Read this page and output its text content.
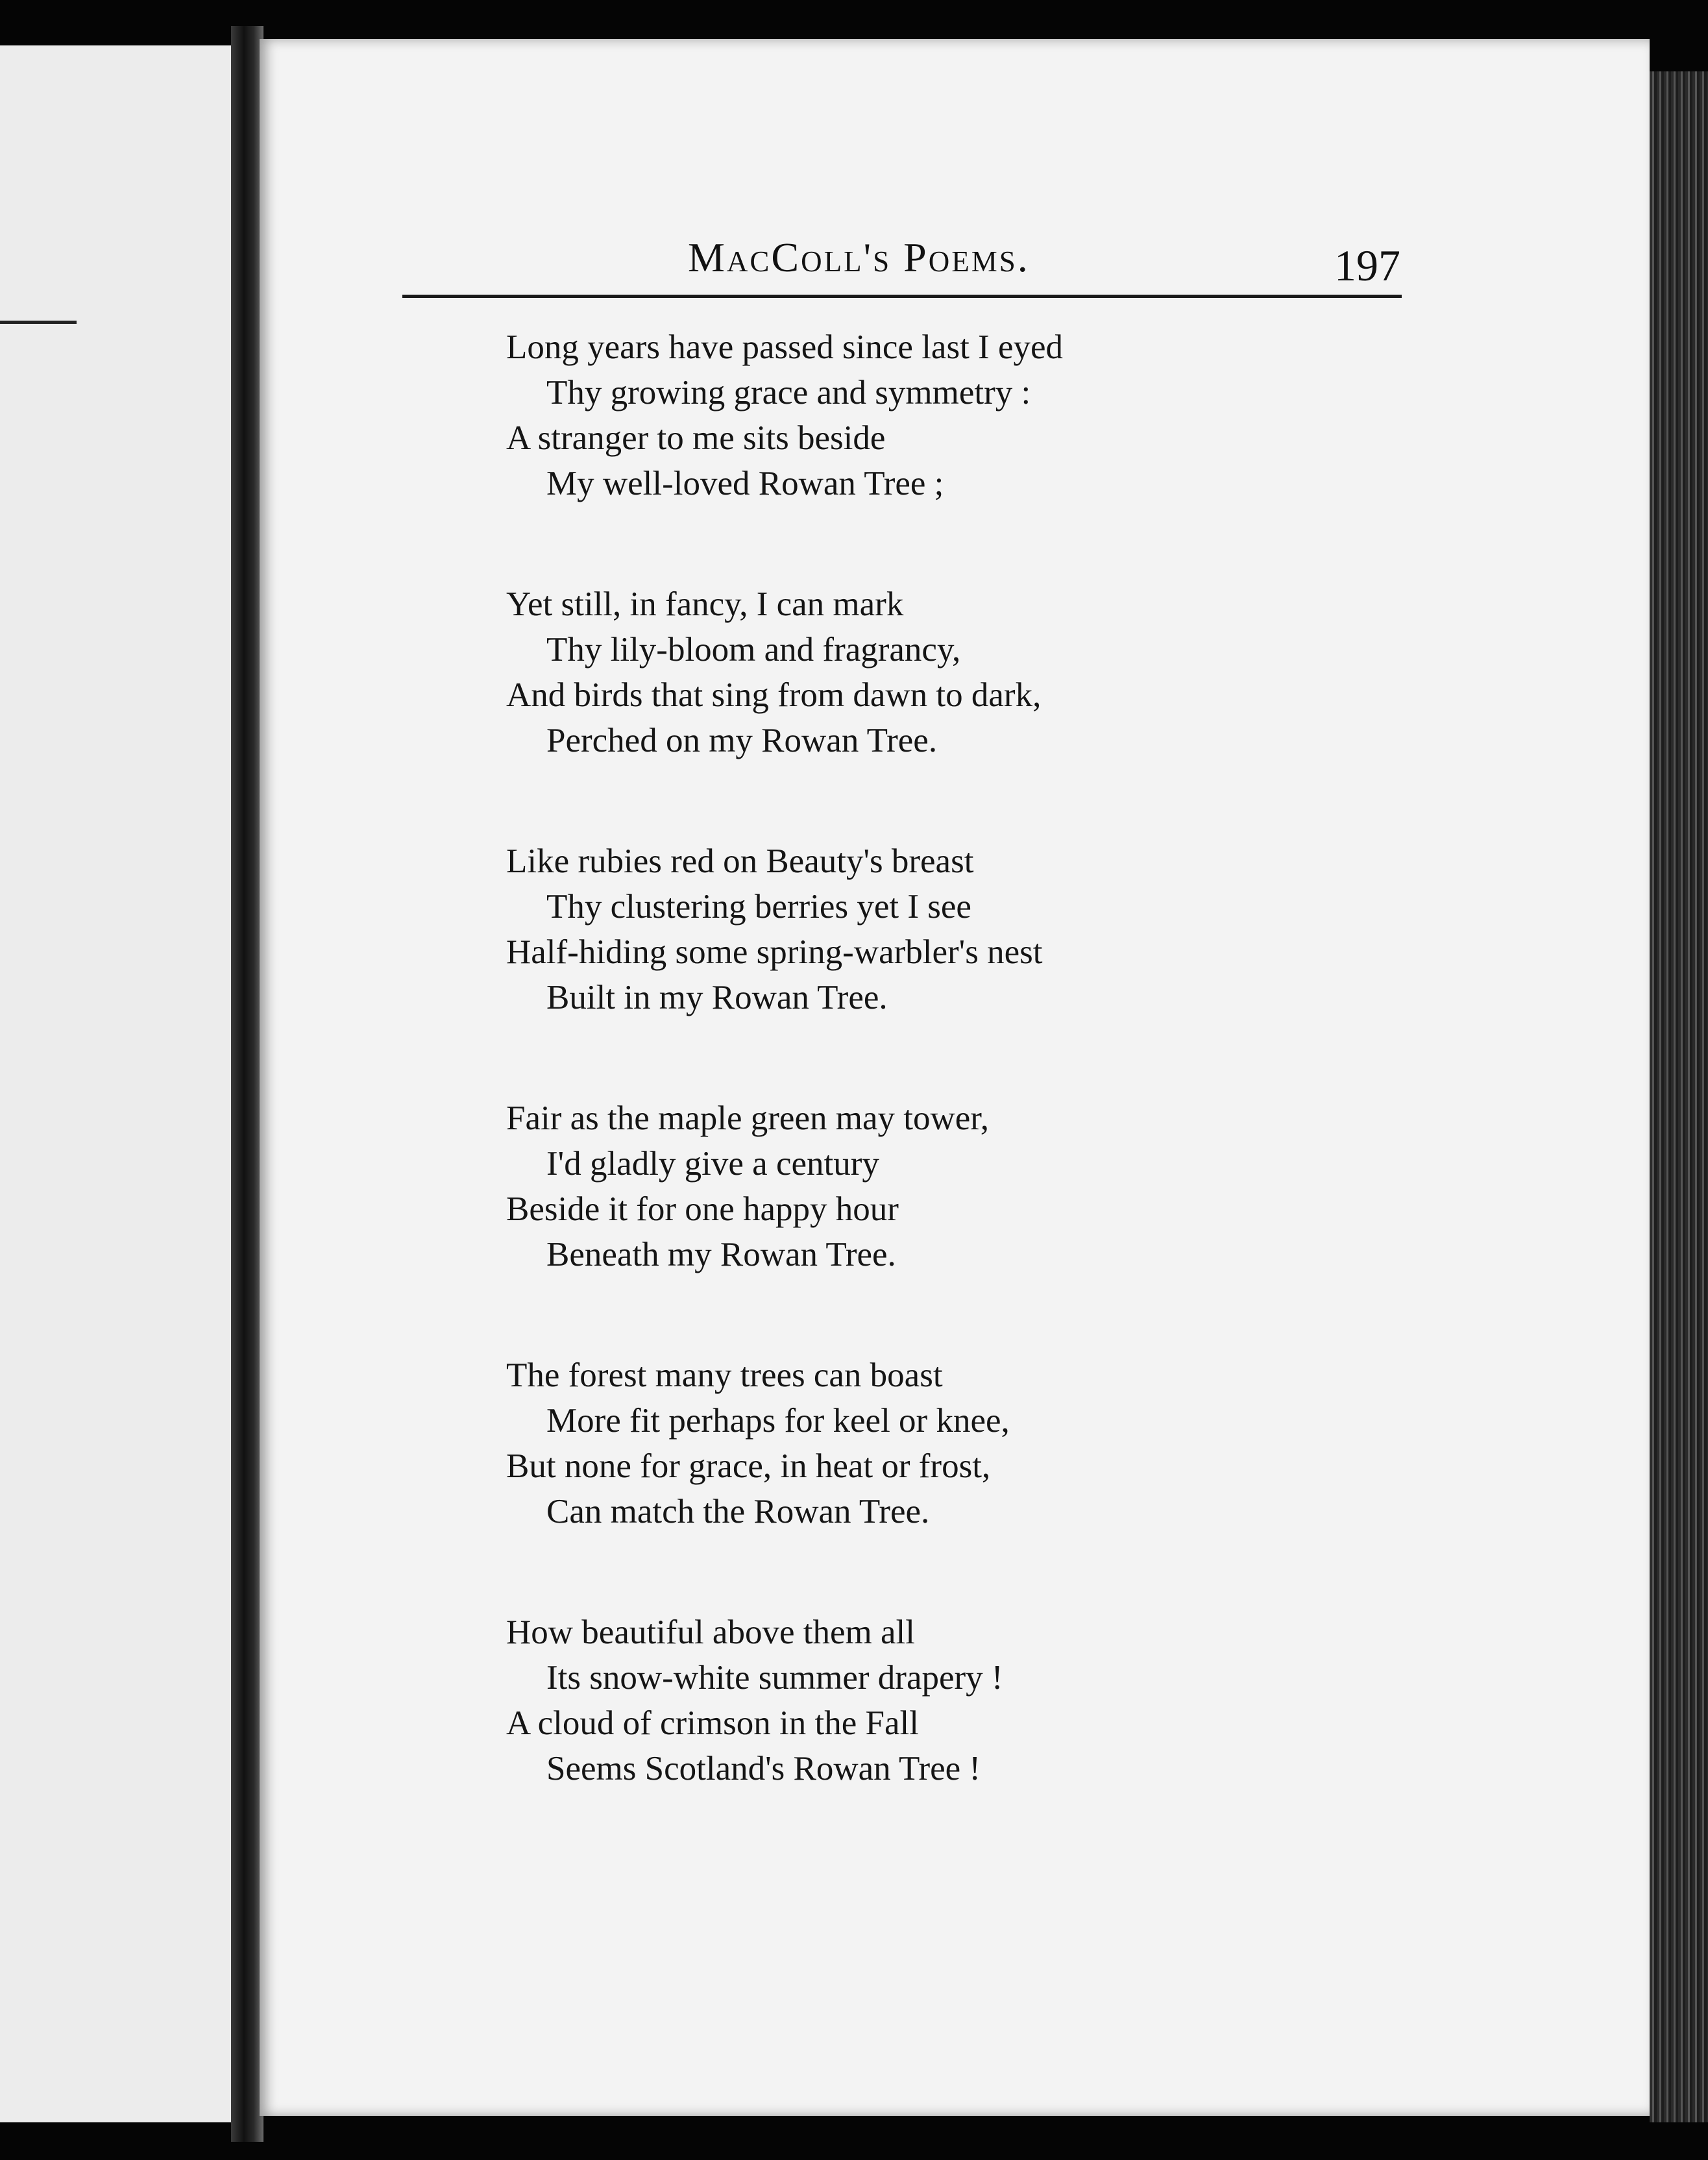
MacColl's Poems.	197
Long years have passed since last I eyed
Thy growing grace and symmetry :
A stranger to me sits beside
My well-loved Rowan Tree ;
Yet still, in fancy, I can mark
Thy lily-bloom and fragrancy,
And birds that sing from dawn to dark,
Perched on my Rowan Tree.
Like rubies red on Beauty's breast
Thy clustering berries yet I see
Half-hiding some spring-warbler's nest
Built in my Rowan Tree.
Fair as the maple green may tower,
I'd gladly give a century
Beside it for one happy hour
Beneath my Rowan Tree.
The forest many trees can boast
More fit perhaps for keel or knee,
But none for grace, in heat or frost,
Can match the Rowan Tree.
How beautiful above them all
Its snow-white summer drapery !
A cloud of crimson in the Fall
Seems Scotland's Rowan Tree !
